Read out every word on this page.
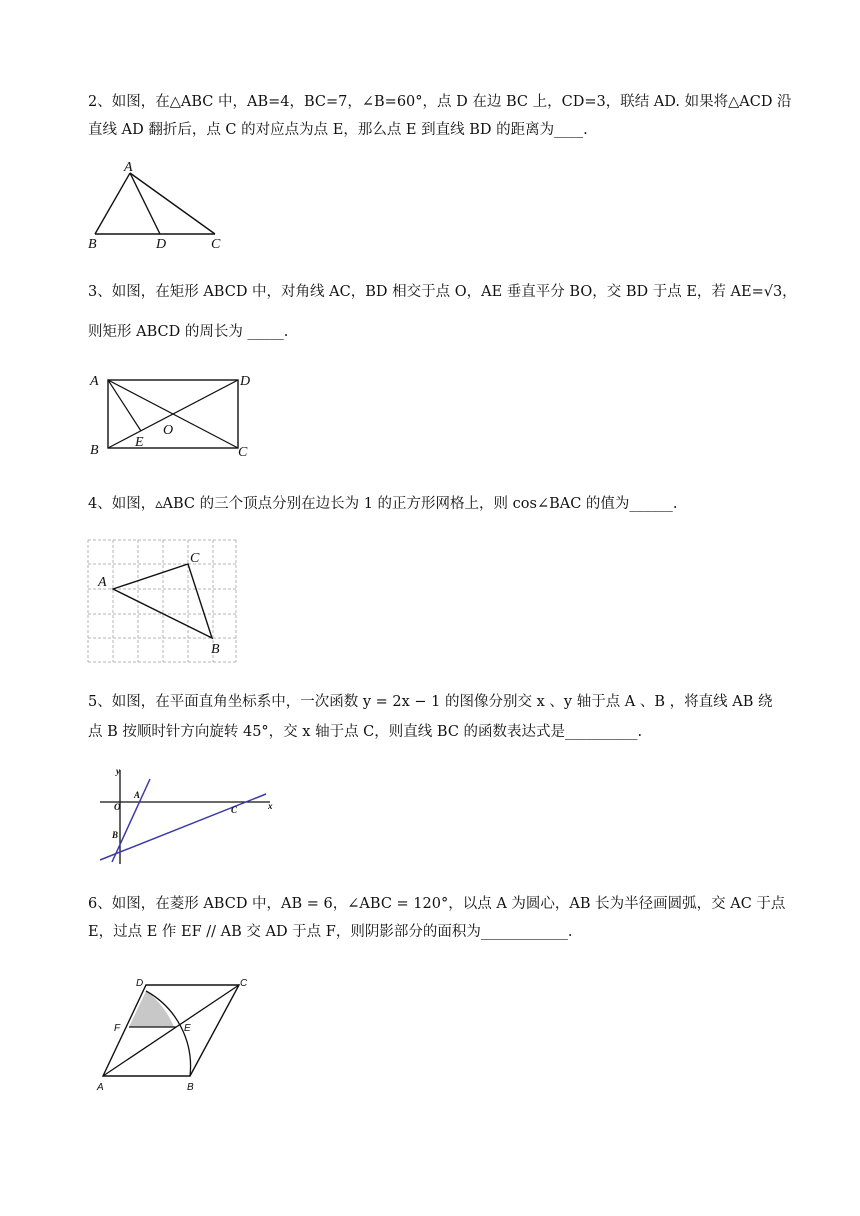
2、如图，在△ABC 中，AB=4，BC=7，∠B=60°，点 D 在边 BC 上，CD=3，联结 AD. 如果将△ACD 沿
直线 AD 翻折后，点 C 的对应点为点 E，那么点 E 到直线 BD 的距离为____.
A
B	D	C
3、如图，在矩形 ABCD 中，对角线 AC，BD 相交于点 O，AE 垂直平分 BO，交 BD 于点 E，若 AE=√3，
则矩形 ABCD 的周长为 _____.
A	D
B	C
E
O
4、如图，▵ABC 的三个顶点分别在边长为 1 的正方形网格上，则 cos∠BAC 的值为______.
A
C
B
5、如图，在平面直角坐标系中，一次函数 y = 2x − 1 的图像分别交 x 、y 轴于点 A 、B ，将直线 AB 绕
点 B 按顺时针方向旋转 45°，交 x 轴于点 C，则直线 BC 的函数表达式是__________.
y
x
O
A
B
C
6、如图，在菱形 ABCD 中，AB = 6，∠ABC = 120°，以点 A 为圆心，AB 长为半径画圆弧，交 AC 于点
E，过点 E 作 EF // AB 交 AD 于点 F，则阴影部分的面积为____________.
D	C
F	E
A	B
